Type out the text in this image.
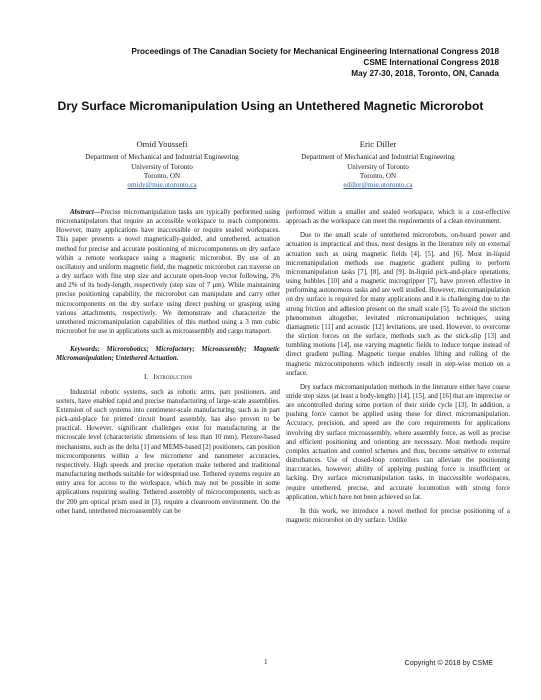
Proceedings of The Canadian Society for Mechanical Engineering International Congress 2018
CSME International Congress 2018
May 27-30, 2018, Toronto, ON, Canada
Dry Surface Micromanipulation Using an Untethered Magnetic Microrobot
Omid Youssefi
Department of Mechanical and Industrial Engineering
University of Toronto
Toronto, ON
omidy@mie.utoronto.ca
Eric Diller
Department of Mechanical and Industrial Engineering
University of Toronto
Toronto, ON
ediller@mie.utoronto.ca

Abstract—Precise micromanipulation tasks are typically performed using micromanipulators that require an accessible workspace to reach components. However, many applications have inaccessible or require sealed workspaces. This paper presents a novel magnetically-guided, and untethered, actuation method for precise and accurate positioning of microcomponents on dry surface within a remote workspace using a magnetic microrobot. By use of an oscillatory and uniform magnetic field, the magnetic microrobot can traverse on a dry surface with fine step size and accurate open-loop vector following, 3% and 2% of its body-length, respectively (step size of 7 μm). While maintaining precise positioning capability, the microrobot can manipulate and carry other microcomponents on the dry surface using direct pushing or grasping using various attachments, respectively. We demonstrate and characterize the untethered micromanipulation capabilities of this method using a 3 mm cubic microrobot for use in applications such as microassembly and cargo transport.

Keywords: Microrobotics; Microfactory; Microassembly; Magnetic Micromanipulation; Untethered Actuation.

I. Introduction

Industrial robotic systems, such as robotic arms, part positioners, and sorters, have enabled rapid and precise manufacturing of large-scale assemblies. Extension of such systems into centimeter-scale manufacturing, such as in part pick-and-place for printed circuit board assembly, has also proven to be practical. However, significant challenges exist for manufacturing at the microscale level (characteristic dimensions of less than 10 mm). Flexure-based mechanisms, such as the delta [1] and MEMS-based [2] positioners, can position microcomponents within a few micrometer and nanometer accuracies, respectively. High speeds and precise operation make tethered and traditional manufacturing methods suitable for widespread use. Tethered systems require an entry area for access to the workspace, which may not be possible in some applications requiring sealing. Tethered assembly of microcomponents, such as the 200 μm optical prism used in [3], require a cleanroom environment. On the other hand, untethered microassembly can be

performed within a smaller and sealed workspace, which is a cost-effective approach as the workspace can meet the requirements of a clean environment.

Due to the small scale of untethered microrobots, on-board power and actuation is impractical and thus, most designs in the literature rely on external actuation such as using magnetic fields [4], [5], and [6]. Most in-liquid micromanipulation methods use magnetic gradient pulling to perform micromanipulation tasks [7], [8], and [9]. In-liquid pick-and-place operations, using bubbles [10] and a magnetic microgripper [7], have proven effective in performing autonomous tasks and are well studied. However, micromanipulation on dry surface is required for many applications and it is challenging due to the strong friction and adhesion present on the small scale [5]. To avoid the stiction phenomenon altogether, levitated micromanipulation techniques, using diamagnetic [11] and acoustic [12] levitations, are used. However, to overcome the stiction forces on the surface, methods such as the stick-slip [13] and tumbling motions [14], use varying magnetic fields to induce torque instead of direct gradient pulling. Magnetic torque enables lifting and rolling of the magnetic microcomponents which indirectly result in step-wise motion on a surface.

Dry surface micromanipulation methods in the literature either have coarse stride step sizes (at least a body-length) [14], [15], and [16] that are imprecise or are uncontrolled during some portion of their stride cycle [13]. In addition, a pushing force cannot be applied using these for direct micromanipulation. Accuracy, precision, and speed are the core requirements for applications involving dry surface microassembly, where assembly force, as well as precise and efficient positioning and orienting are necessary. Most methods require complex actuation and control schemes and thus, become sensitive to external disturbances. Use of closed-loop controllers can alleviate the positioning inaccuracies, however; ability of applying pushing force is insufficient or lacking. Dry surface micromanipulation tasks, in inaccessible workspaces, require untethered, precise, and accurate locomotion with strong force application, which have not been achieved so far.

In this work, we introduce a novel method for precise positioning of a magnetic microrobot on dry surface. Unlike

1	Copyright © 2018 by CSME
